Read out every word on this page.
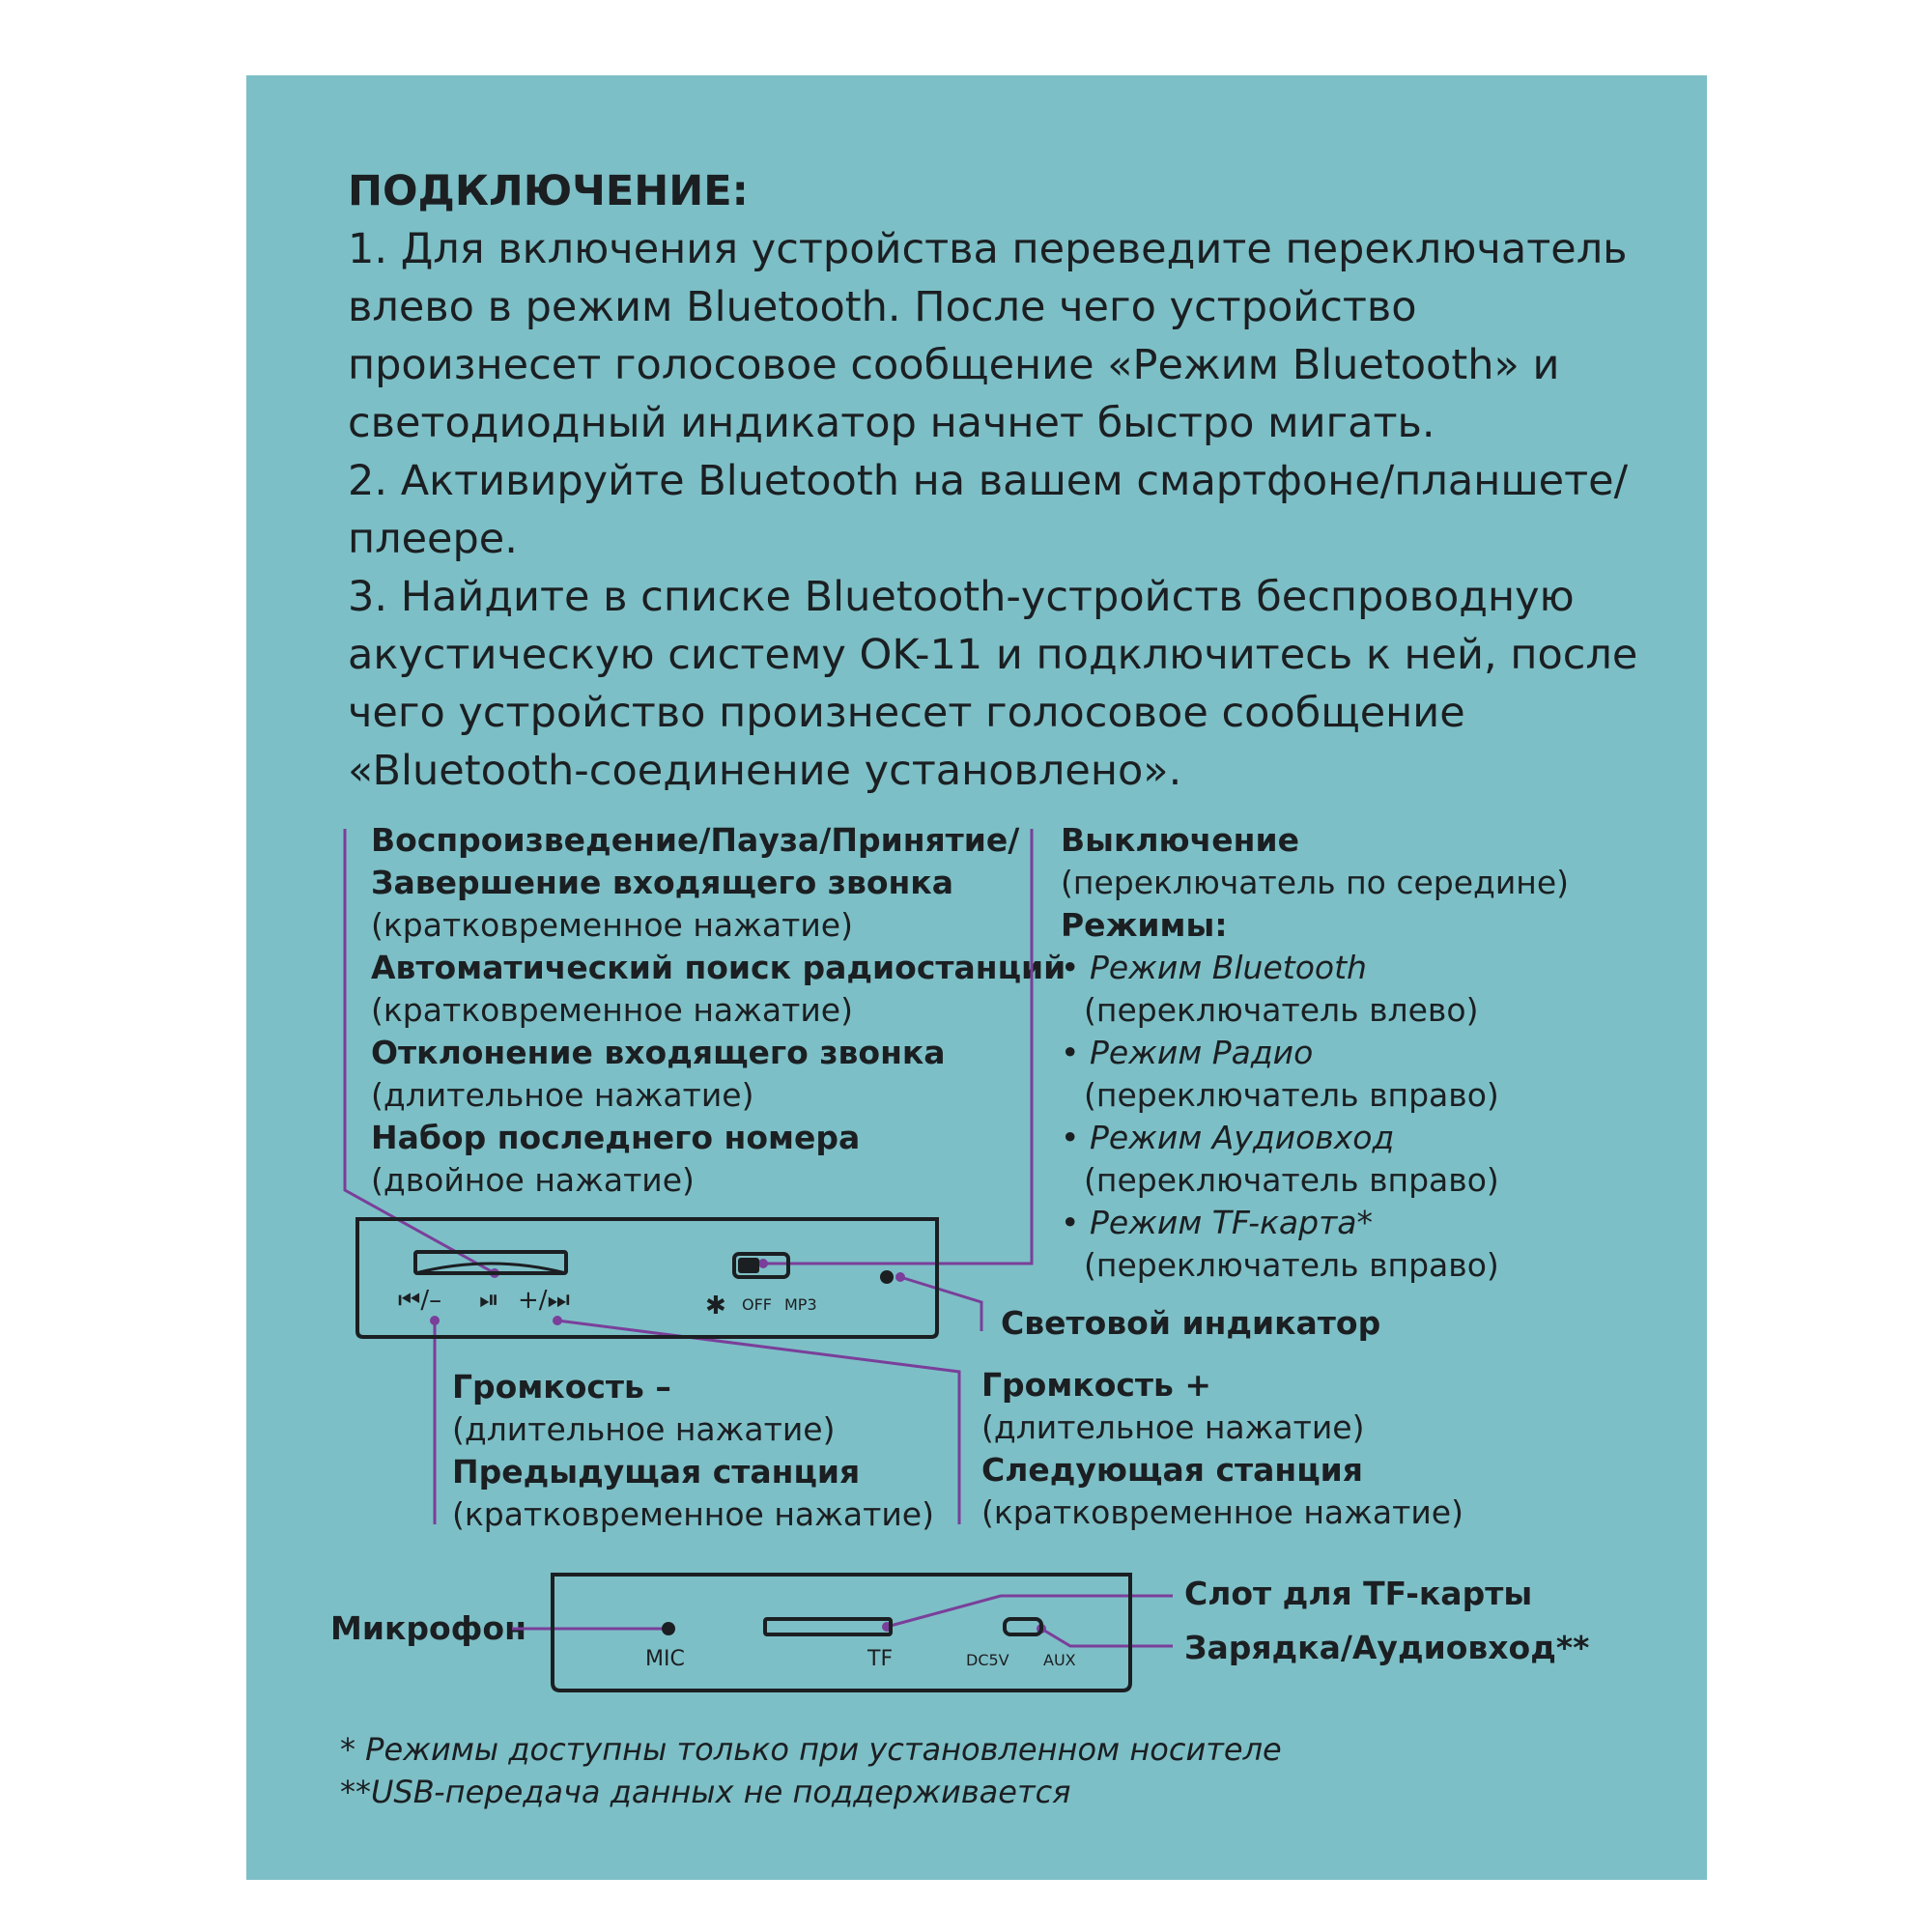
ПОДКЛЮЧЕНИЕ:
1. Для включения устройства переведите переключатель
влево в режим Bluetooth. После чего устройство
произнесет голосовое сообщение «Режим Bluetooth» и
светодиодный индикатор начнет быстро мигать.
2. Активируйте Bluetooth на вашем смартфоне/планшете/
плеере.
3. Найдите в списке Bluetooth-устройств беспроводную
акустическую систему OK-11 и подключитесь к ней, после
чего устройство произнесет голосовое сообщение
«Bluetooth-соединение установлено».
Воспроизведение/Пауза/Принятие/
Завершение входящего звонка
(кратковременное нажатие)
Автоматический поиск радиостанций
(кратковременное нажатие)
Отклонение входящего звонка
(длительное нажатие)
Набор последнего номера
(двойное нажатие)
Выключение
(переключатель по середине)
Режимы:
• Режим Bluetooth
(переключатель влево)
• Режим Радио
(переключатель вправо)
• Режим Аудиовход
(переключатель вправо)
• Режим TF-карта*
(переключатель вправо)
Световой индикатор
Громкость –
(длительное нажатие)
Предыдущая станция
(кратковременное нажатие)
Громкость +
(длительное нажатие)
Следующая станция
(кратковременное нажатие)
Микрофон
Слот для TF-карты
Зарядка/Аудиовход**
⏮/– ⏯ +/⏭	✱ OFF MP3
MIC	TF	DC5V AUX
* Режимы доступны только при установленном носителе
**USB-передача данных не поддерживается
